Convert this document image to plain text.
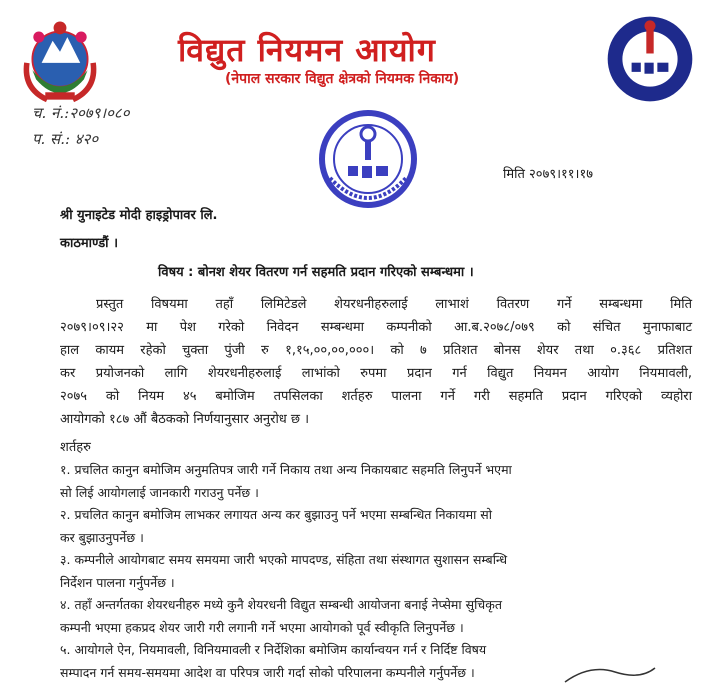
विद्युत नियमन आयोग
(नेपाल सरकार विद्युत क्षेत्रको नियमक निकाय)
च. नं.:२०७९।०८०
प. सं.: ४२०
मिति २०७९।११।१७
श्री युनाइटेड मोदी हाइड्रोपावर लि.
काठमाण्डौं ।
विषय : बोनश शेयर वितरण गर्न सहमति प्रदान गरिएको सम्बन्धमा ।
प्रस्तुत विषयमा तहाँ लिमिटेडले शेयरधनीहरुलाई लाभाशं वितरण गर्ने सम्बन्धमा मिति
२०७९।०९।२२ मा पेश गरेको निवेदन सम्बन्धमा कम्पनीको आ.ब.२०७८/०७९ को संचित मुनाफाबाट
हाल कायम रहेको चुक्ता पुंजी रु १,१५,००,००,०००। को ७ प्रतिशत बोनस शेयर तथा ०.३६८ प्रतिशत
कर प्रयोजनको लागि शेयरधनीहरुलाई लाभांको रुपमा प्रदान गर्न विद्युत नियमन आयोग नियमावली,
२०७५ को नियम ४५ बमोजिम तपसिलका शर्तहरु पालना गर्ने गरी सहमति प्रदान गरिएको व्यहोरा
आयोगको १८७ औं बैठकको निर्णयानुसार अनुरोध छ ।
शर्तहरु
१. प्रचलित कानुन बमोजिम अनुमतिपत्र जारी गर्ने निकाय तथा अन्य निकायबाट सहमति लिनुपर्ने भएमा
सो लिई आयोगलाई जानकारी गराउनु पर्नेछ ।
२. प्रचलित कानुन बमोजिम लाभकर लगायत अन्य कर बुझाउनु पर्ने भएमा सम्बन्धित निकायमा सो
कर बुझाउनुपर्नेछ ।
३. कम्पनीले आयोगबाट समय समयमा जारी भएको मापदण्ड, संहिता तथा संस्थागत सुशासन सम्बन्धि
निर्देशन पालना गर्नुपर्नेछ ।
४. तहाँ अन्तर्गतका शेयरधनीहरु मध्ये कुनै शेयरधनी विद्युत सम्बन्धी आयोजना बनाई नेप्सेमा सुचिकृत
कम्पनी भएमा हकप्रद शेयर जारी गरी लगानी गर्ने भएमा आयोगको पूर्व स्वीकृति लिनुपर्नेछ ।
५. आयोगले ऐन, नियमावली, विनियमावली र निर्देशिका बमोजिम कार्यान्वयन गर्न र निर्दिष्ट विषय
सम्पादन गर्न समय-समयमा आदेश वा परिपत्र जारी गर्दा सोको परिपालना कम्पनीले गर्नुपर्नेछ ।
